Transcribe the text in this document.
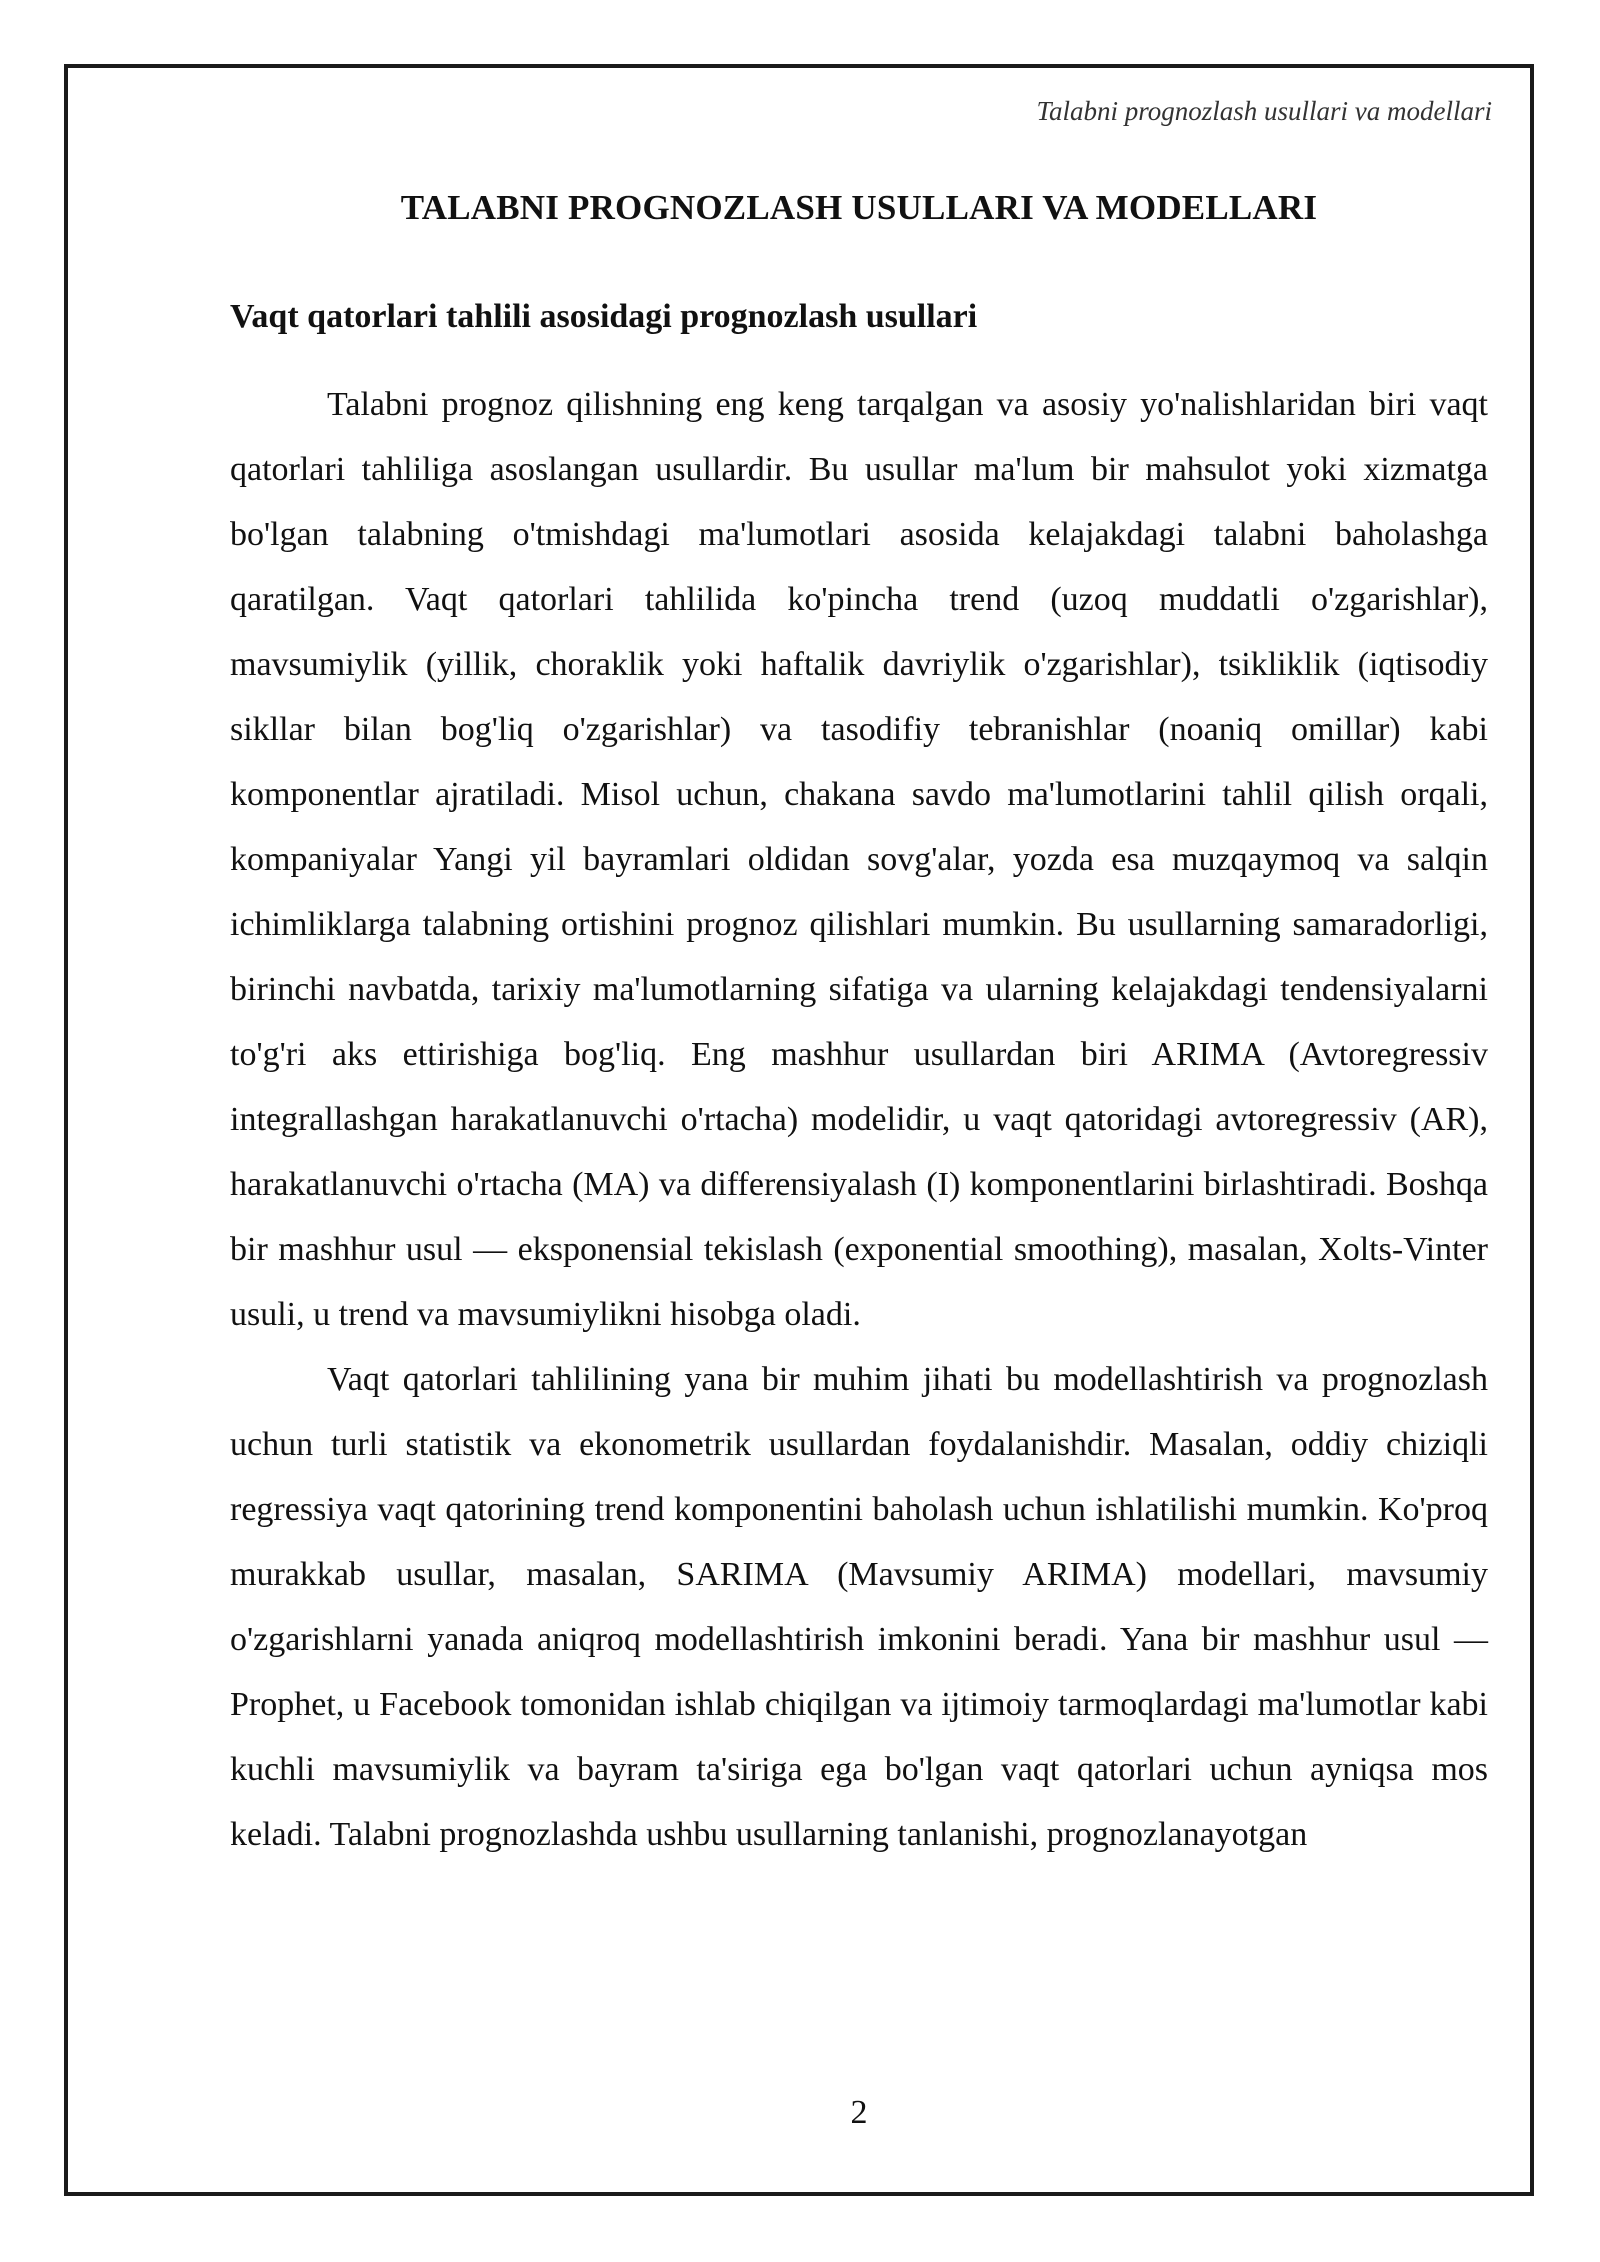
Talabni prognozlash usullari va modellari
TALABNI PROGNOZLASH USULLARI VA MODELLARI
Vaqt qatorlari tahlili asosidagi prognozlash usullari

Talabni prognoz qilishning eng keng tarqalgan va asosiy yo'nalishlaridan biri vaqt qatorlari tahliliga asoslangan usullardir. Bu usullar ma'lum bir mahsulot yoki xizmatga bo'lgan talabning o'tmishdagi ma'lumotlari asosida kelajakdagi talabni baholashga qaratilgan. Vaqt qatorlari tahlilida ko'pincha trend (uzoq muddatli o'zgarishlar), mavsumiylik (yillik, choraklik yoki haftalik davriylik o'zgarishlar), tsikliklik (iqtisodiy sikllar bilan bog'liq o'zgarishlar) va tasodifiy tebranishlar (noaniq omillar) kabi komponentlar ajratiladi. Misol uchun, chakana savdo ma'lumotlarini tahlil qilish orqali, kompaniyalar Yangi yil bayramlari oldidan sovg'alar, yozda esa muzqaymoq va salqin ichimliklarga talabning ortishini prognoz qilishlari mumkin. Bu usullarning samaradorligi, birinchi navbatda, tarixiy ma'lumotlarning sifatiga va ularning kelajakdagi tendensiyalarni to'g'ri aks ettirishiga bog'liq. Eng mashhur usullardan biri ARIMA (Avtoregressiv integrallashgan harakatlanuvchi o'rtacha) modelidir, u vaqt qatoridagi avtoregressiv (AR), harakatlanuvchi o'rtacha (MA) va differensiyalash (I) komponentlarini birlashtiradi. Boshqa bir mashhur usul — eksponensial tekislash (exponential smoothing), masalan, Xolts-Vinter usuli, u trend va mavsumiylikni hisobga oladi.

Vaqt qatorlari tahlilining yana bir muhim jihati bu modellashtirish va prognozlash uchun turli statistik va ekonometrik usullardan foydalanishdir. Masalan, oddiy chiziqli regressiya vaqt qatorining trend komponentini baholash uchun ishlatilishi mumkin. Ko'proq murakkab usullar, masalan, SARIMA (Mavsumiy ARIMA) modellari, mavsumiy o'zgarishlarni yanada aniqroq modellashtirish imkonini beradi. Yana bir mashhur usul — Prophet, u Facebook tomonidan ishlab chiqilgan va ijtimoiy tarmoqlardagi ma'lumotlar kabi kuchli mavsumiylik va bayram ta'siriga ega bo'lgan vaqt qatorlari uchun ayniqsa mos keladi. Talabni prognozlashda ushbu usullarning tanlanishi, prognozlanayotgan

2
